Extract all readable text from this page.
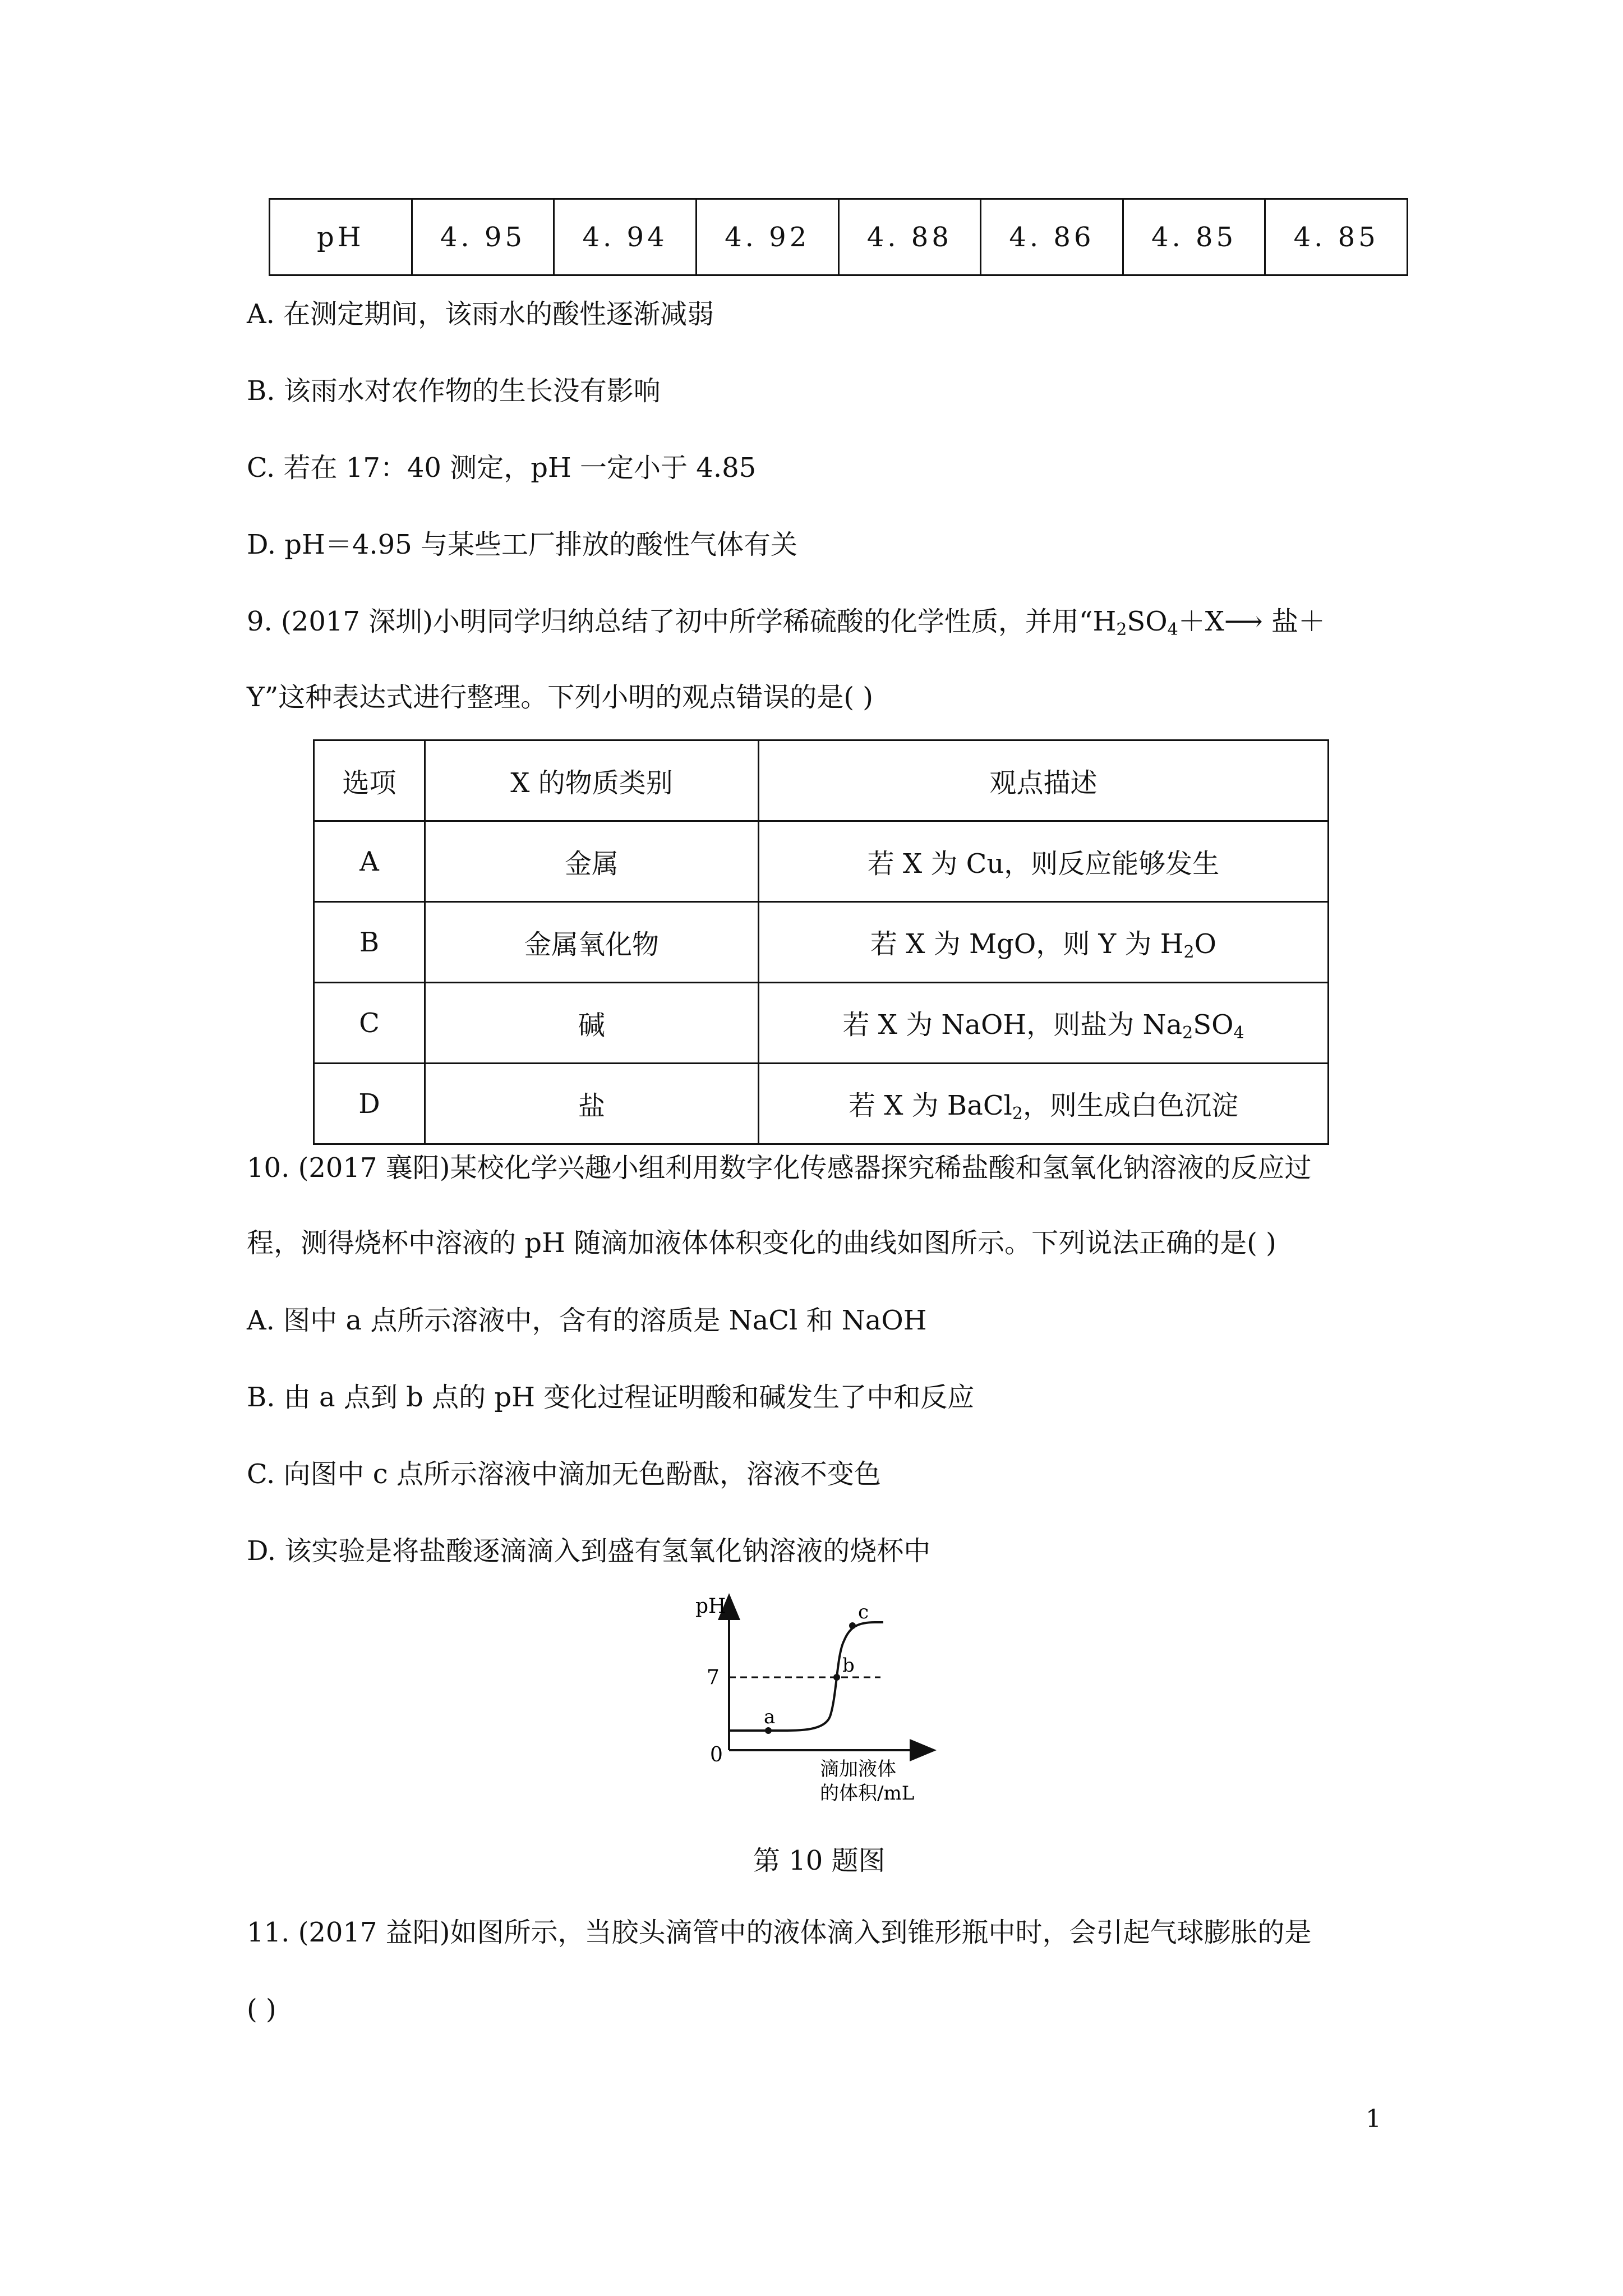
pH	4. 95	4. 94	4. 92	4. 88	4. 86	4. 85	4. 85
A. 在测定期间，该雨水的酸性逐渐减弱
B. 该雨水对农作物的生长没有影响
C. 若在 17：40 测定，pH 一定小于 4.85
D. pH＝4.95 与某些工厂排放的酸性气体有关
9. (2017 深圳)小明同学归纳总结了初中所学稀硫酸的化学性质，并用“$H_2SO_4+X⟶$ 盐＋
Y”这种表达式进行整理。下列小明的观点错误的是( )
选项	X 的物质类别	观点描述
A	金属	若 X 为 Cu，则反应能够发生
B	金属氧化物	若 X 为 MgO，则 Y 为 $H_2O$
C	碱	若 X 为 NaOH，则盐为 $Na_2SO_4$
D	盐	若 X 为 BaCl$_2$，则生成白色沉淀
10. (2017 襄阳)某校化学兴趣小组利用数字化传感器探究稀盐酸和氢氧化钠溶液的反应过
程，测得烧杯中溶液的 pH 随滴加液体体积变化的曲线如图所示。下列说法正确的是( )
A. 图中 a 点所示溶液中，含有的溶质是 NaCl 和 NaOH
B. 由 a 点到 b 点的 pH 变化过程证明酸和碱发生了中和反应
C. 向图中 c 点所示溶液中滴加无色酚酞，溶液不变色
D. 该实验是将盐酸逐滴滴入到盛有氢氧化钠溶液的烧杯中
pH
7
0
a
b
c
滴加液体
的体积/mL
第 10 题图
11. (2017 益阳)如图所示，当胶头滴管中的液体滴入到锥形瓶中时，会引起气球膨胀的是
( )
1
